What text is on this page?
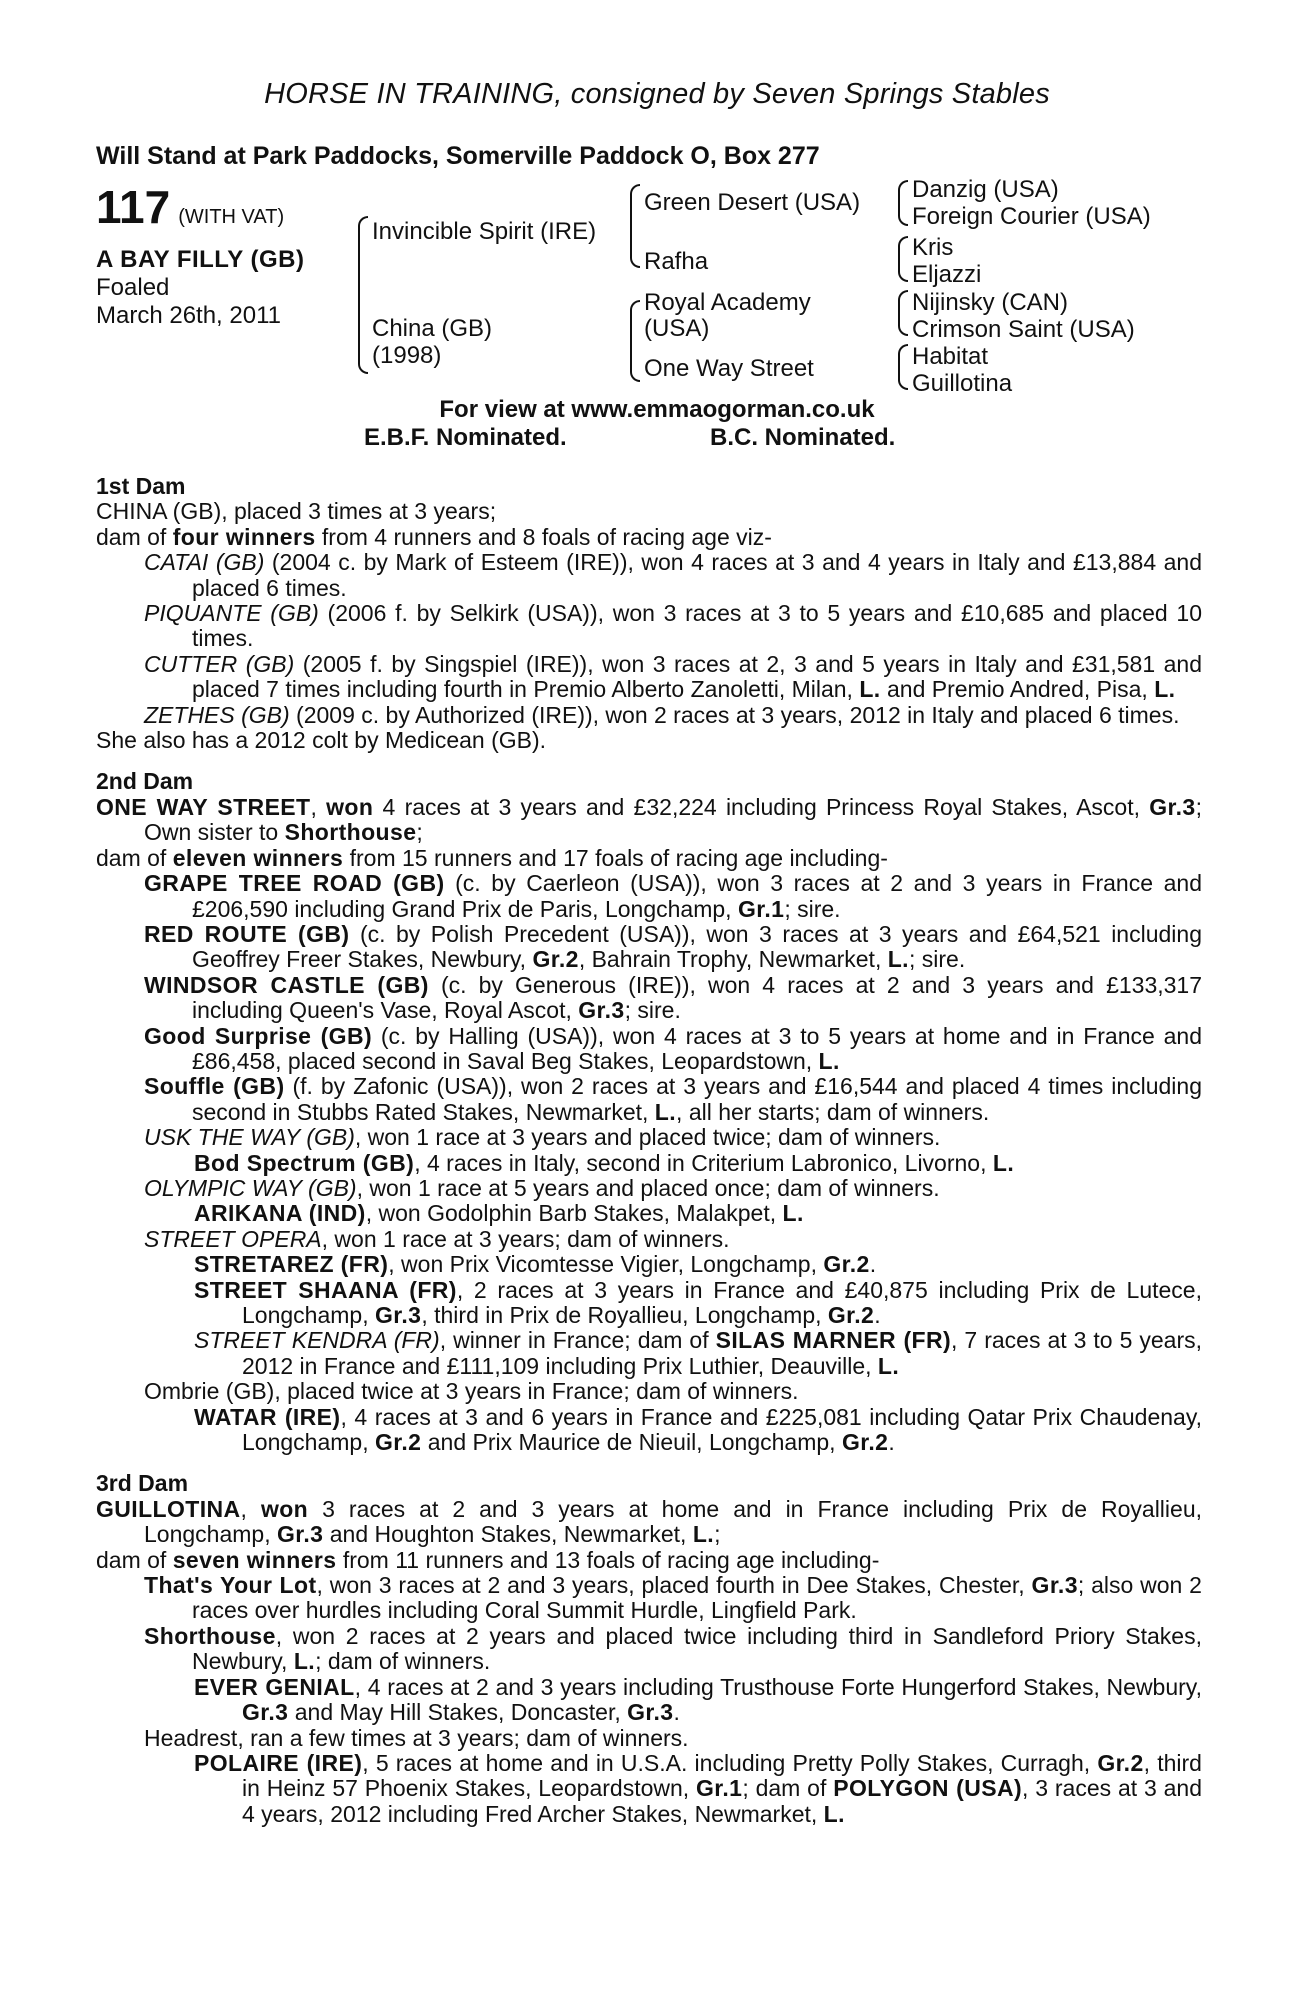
HORSE IN TRAINING, consigned by Seven Springs Stables
Will Stand at Park Paddocks, Somerville Paddock O, Box 277
117 (WITH VAT)
A BAY FILLY (GB)
Foaled
March 26th, 2011
Invincible Spirit (IRE)
China (GB)
(1998)
Green Desert (USA)
Rafha
Royal Academy
(USA)
One Way Street
Danzig (USA)
Foreign Courier (USA)
Kris
Eljazzi
Nijinsky (CAN)
Crimson Saint (USA)
Habitat
Guillotina
For view at www.emmaogorman.co.uk
E.B.F. Nominated.	B.C. Nominated.
1st Dam
CHINA (GB), placed 3 times at 3 years;
dam of four winners from 4 runners and 8 foals of racing age viz-
CATAI (GB) (2004 c. by Mark of Esteem (IRE)), won 4 races at 3 and 4 years in Italy and £13,884 and placed 6 times.
PIQUANTE (GB) (2006 f. by Selkirk (USA)), won 3 races at 3 to 5 years and £10,685 and placed 10 times.
CUTTER (GB) (2005 f. by Singspiel (IRE)), won 3 races at 2, 3 and 5 years in Italy and £31,581 and placed 7 times including fourth in Premio Alberto Zanoletti, Milan, L. and Premio Andred, Pisa, L.
ZETHES (GB) (2009 c. by Authorized (IRE)), won 2 races at 3 years, 2012 in Italy and placed 6 times.
She also has a 2012 colt by Medicean (GB).
2nd Dam
ONE WAY STREET, won 4 races at 3 years and £32,224 including Princess Royal Stakes, Ascot, Gr.3; Own sister to Shorthouse;
dam of eleven winners from 15 runners and 17 foals of racing age including-
GRAPE TREE ROAD (GB) (c. by Caerleon (USA)), won 3 races at 2 and 3 years in France and £206,590 including Grand Prix de Paris, Longchamp, Gr.1; sire.
RED ROUTE (GB) (c. by Polish Precedent (USA)), won 3 races at 3 years and £64,521 including Geoffrey Freer Stakes, Newbury, Gr.2, Bahrain Trophy, Newmarket, L.; sire.
WINDSOR CASTLE (GB) (c. by Generous (IRE)), won 4 races at 2 and 3 years and £133,317 including Queen's Vase, Royal Ascot, Gr.3; sire.
Good Surprise (GB) (c. by Halling (USA)), won 4 races at 3 to 5 years at home and in France and £86,458, placed second in Saval Beg Stakes, Leopardstown, L.
Souffle (GB) (f. by Zafonic (USA)), won 2 races at 3 years and £16,544 and placed 4 times including second in Stubbs Rated Stakes, Newmarket, L., all her starts; dam of winners.
USK THE WAY (GB), won 1 race at 3 years and placed twice; dam of winners.
Bod Spectrum (GB), 4 races in Italy, second in Criterium Labronico, Livorno, L.
OLYMPIC WAY (GB), won 1 race at 5 years and placed once; dam of winners.
ARIKANA (IND), won Godolphin Barb Stakes, Malakpet, L.
STREET OPERA, won 1 race at 3 years; dam of winners.
STRETAREZ (FR), won Prix Vicomtesse Vigier, Longchamp, Gr.2.
STREET SHAANA (FR), 2 races at 3 years in France and £40,875 including Prix de Lutece, Longchamp, Gr.3, third in Prix de Royallieu, Longchamp, Gr.2.
STREET KENDRA (FR), winner in France; dam of SILAS MARNER (FR), 7 races at 3 to 5 years, 2012 in France and £111,109 including Prix Luthier, Deauville, L.
Ombrie (GB), placed twice at 3 years in France; dam of winners.
WATAR (IRE), 4 races at 3 and 6 years in France and £225,081 including Qatar Prix Chaudenay, Longchamp, Gr.2 and Prix Maurice de Nieuil, Longchamp, Gr.2.
3rd Dam
GUILLOTINA, won 3 races at 2 and 3 years at home and in France including Prix de Royallieu, Longchamp, Gr.3 and Houghton Stakes, Newmarket, L.;
dam of seven winners from 11 runners and 13 foals of racing age including-
That's Your Lot, won 3 races at 2 and 3 years, placed fourth in Dee Stakes, Chester, Gr.3; also won 2 races over hurdles including Coral Summit Hurdle, Lingfield Park.
Shorthouse, won 2 races at 2 years and placed twice including third in Sandleford Priory Stakes, Newbury, L.; dam of winners.
EVER GENIAL, 4 races at 2 and 3 years including Trusthouse Forte Hungerford Stakes, Newbury, Gr.3 and May Hill Stakes, Doncaster, Gr.3.
Headrest, ran a few times at 3 years; dam of winners.
POLAIRE (IRE), 5 races at home and in U.S.A. including Pretty Polly Stakes, Curragh, Gr.2, third in Heinz 57 Phoenix Stakes, Leopardstown, Gr.1; dam of POLYGON (USA), 3 races at 3 and 4 years, 2012 including Fred Archer Stakes, Newmarket, L.
